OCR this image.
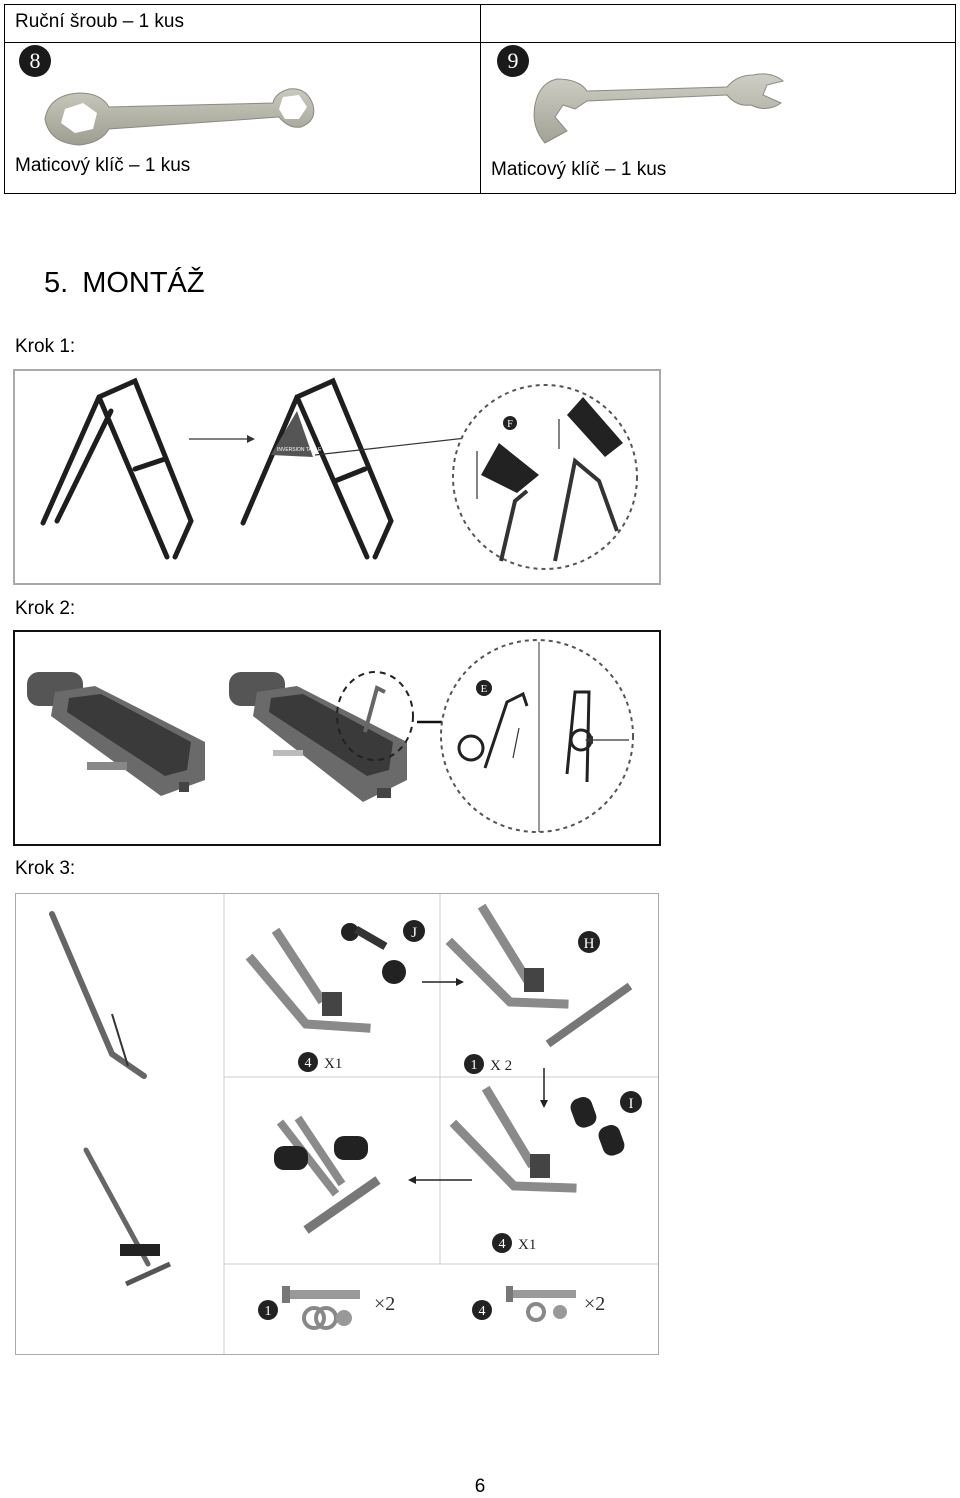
Ruční šroub – 1 kus
8
Maticový klíč – 1 kus
9
Maticový klíč – 1 kus
5. MONTÁŽ
Krok 1:
INVERSION TABLE
F
Krok 2:
E
Krok 3:
J
4 X1
H
1 X 2
I
4 X1
1	×2	4	×2
6
